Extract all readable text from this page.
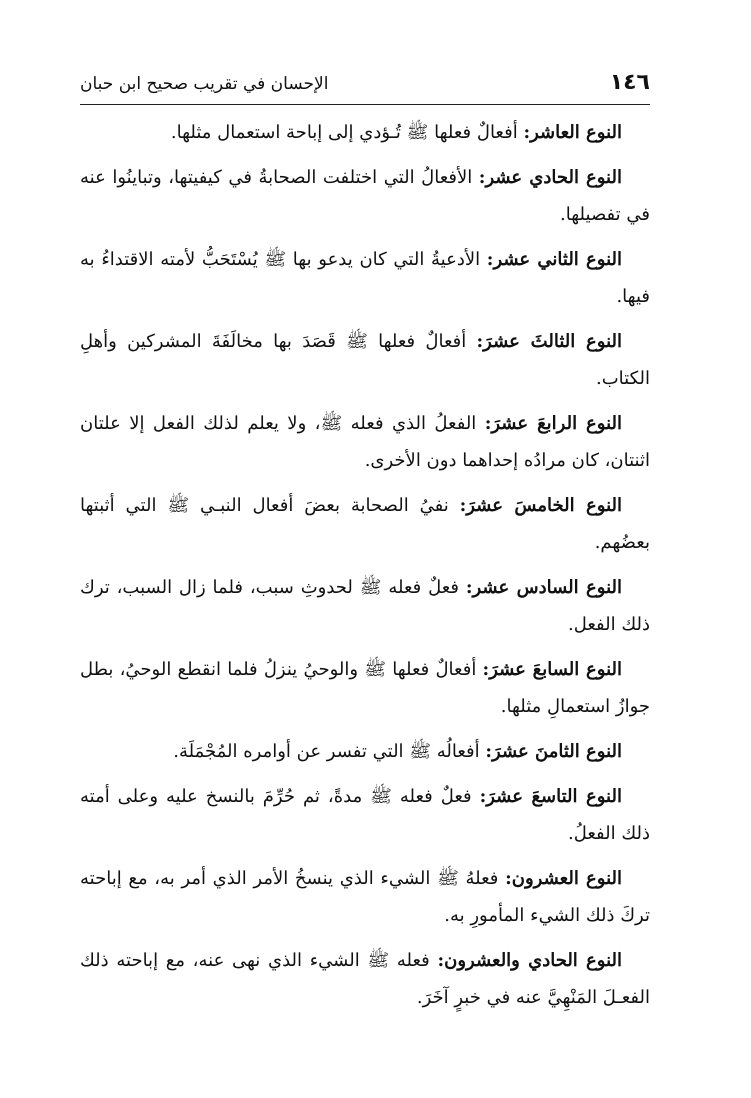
١٤٦
الإحسان في تقريب صحيح ابن حبان

النوع العاشر: أفعالٌ فعلها ﷺ تُـؤدي إلى إباحة استعمال مثلها.

النوع الحادي عشر: الأفعالُ التي اختلفت الصحابةُ في كيفيتها، وتباينُوا عنه في تفصيلها.

النوع الثاني عشر: الأدعيةُ التي كان يدعو بها ﷺ يُسْتَحَبُّ لأمته الاقتداءُ به فيها.

النوع الثالثَ عشرَ: أفعالٌ فعلها ﷺ قَصَدَ بها مخالَفَةَ المشركين وأهلِ الكتاب.

النوع الرابعَ عشرَ: الفعلُ الذي فعله ﷺ، ولا يعلم لذلك الفعل إلا علتان اثنتان، كان مرادُه إحداهما دون الأخرى.

النوع الخامسَ عشرَ: نفيُ الصحابة بعضَ أفعال النبـي ﷺ التي أثبتها بعضُهم.

النوع السادس عشر: فعلٌ فعله ﷺ لحدوثِ سبب، فلما زال السبب، ترك ذلك الفعل.

النوع السابعَ عشرَ: أفعالٌ فعلها ﷺ والوحيُ ينزلُ فلما انقطع الوحيُ، بطل جوازُ استعمالِ مثلها.

النوع الثامنَ عشرَ: أفعالُه ﷺ التي تفسر عن أوامره المُجْمَلَة.

النوع التاسعَ عشرَ: فعلٌ فعله ﷺ مدةً، ثم حُرِّمَ بالنسخ عليه وعلى أمته ذلك الفعلُ.

النوع العشرون: فعلهُ ﷺ الشيء الذي ينسخُ الأمر الذي أمر به، مع إباحته تركَ ذلك الشيء المأمورِ به.

النوع الحادي والعشرون: فعله ﷺ الشيء الذي نهى عنه، مع إباحته ذلك الفعـلَ المَنْهِيَّ عنه في خبرٍ آخَرَ.
